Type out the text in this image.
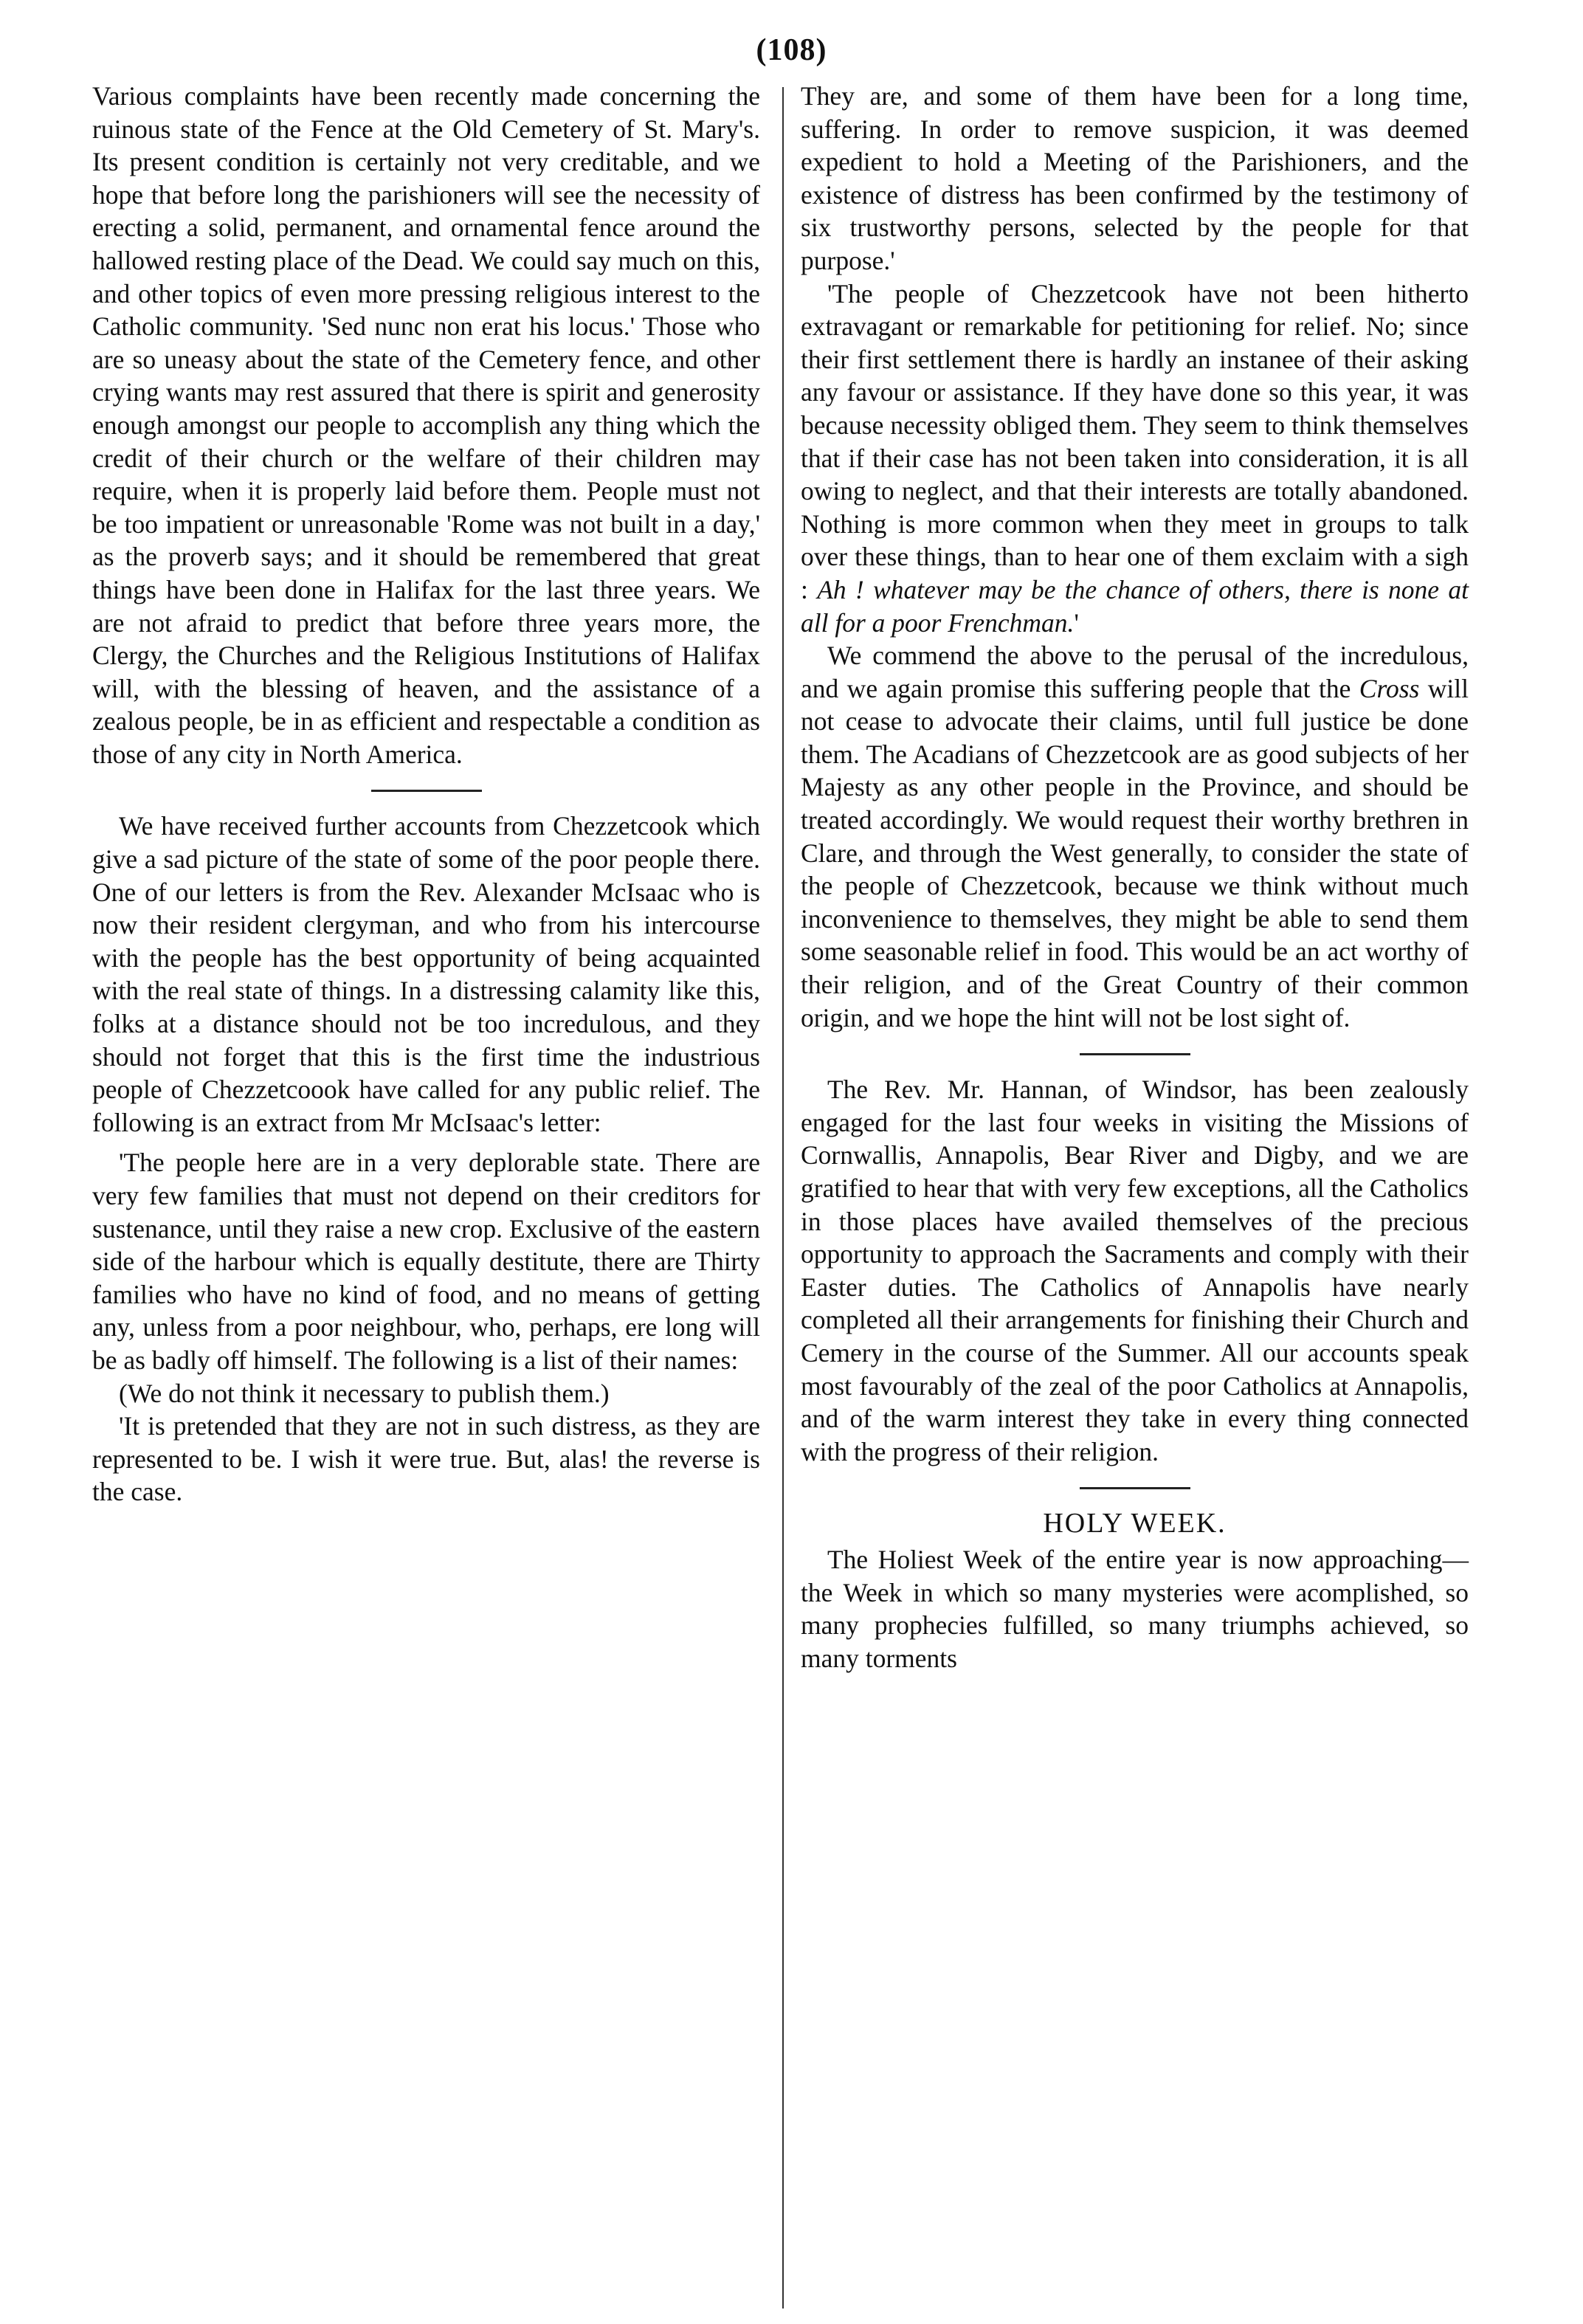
(108)

Various complaints have been recently made concerning the ruinous state of the Fence at the Old Cemetery of St. Mary's. Its present condition is certainly not very creditable, and we hope that before long the parishioners will see the necessity of erecting a solid, permanent, and ornamental fence around the hallowed resting place of the Dead. We could say much on this, and other topics of even more pressing religious interest to the Catholic community. 'Sed nunc non erat his locus.' Those who are so uneasy about the state of the Cemetery fence, and other crying wants may rest assured that there is spirit and generosity enough amongst our people to accomplish any thing which the credit of their church or the welfare of their children may require, when it is properly laid before them. People must not be too impatient or unreasonable 'Rome was not built in a day,' as the proverb says; and it should be remembered that great things have been done in Halifax for the last three years. We are not afraid to predict that before three years more, the Clergy, the Churches and the Religious Institutions of Halifax will, with the blessing of heaven, and the assistance of a zealous people, be in as efficient and respectable a condition as those of any city in North America.

We have received further accounts from Chezzetcook which give a sad picture of the state of some of the poor people there. One of our letters is from the Rev. Alexander McIsaac who is now their resident clergyman, and who from his intercourse with the people has the best opportunity of being acquainted with the real state of things. In a distressing calamity like this, folks at a distance should not be too incredulous, and they should not forget that this is the first time the industrious people of Chezzetcoook have called for any public relief. The following is an extract from Mr McIsaac's letter:

'The people here are in a very deplorable state. There are very few families that must not depend on their creditors for sustenance, until they raise a new crop. Exclusive of the eastern side of the harbour which is equally destitute, there are Thirty families who have no kind of food, and no means of getting any, unless from a poor neighbour, who, perhaps, ere long will be as badly off himself. The following is a list of their names:

(We do not think it necessary to publish them.)

'It is pretended that they are not in such distress, as they are represented to be. I wish it were true. But, alas! the reverse is the case.

They are, and some of them have been for a long time, suffering. In order to remove suspicion, it was deemed expedient to hold a Meeting of the Parishioners, and the existence of distress has been confirmed by the testimony of six trustworthy persons, selected by the people for that purpose.'

'The people of Chezzetcook have not been hitherto extravagant or remarkable for petitioning for relief. No; since their first settlement there is hardly an instanee of their asking any favour or assistance. If they have done so this year, it was because necessity obliged them. They seem to think themselves that if their case has not been taken into consideration, it is all owing to neglect, and that their interests are totally abandoned. Nothing is more common when they meet in groups to talk over these things, than to hear one of them exclaim with a sigh : Ah ! whatever may be the chance of others, there is none at all for a poor Frenchman.'

We commend the above to the perusal of the incredulous, and we again promise this suffering people that the Cross will not cease to advocate their claims, until full justice be done them. The Acadians of Chezzetcook are as good subjects of her Majesty as any other people in the Province, and should be treated accordingly. We would request their worthy brethren in Clare, and through the West generally, to consider the state of the people of Chezzetcook, because we think without much inconvenience to themselves, they might be able to send them some seasonable relief in food. This would be an act worthy of their religion, and of the Great Country of their common origin, and we hope the hint will not be lost sight of.

The Rev. Mr. Hannan, of Windsor, has been zealously engaged for the last four weeks in visiting the Missions of Cornwallis, Annapolis, Bear River and Digby, and we are gratified to hear that with very few exceptions, all the Catholics in those places have availed themselves of the precious opportunity to approach the Sacraments and comply with their Easter duties. The Catholics of Annapolis have nearly completed all their arrangements for finishing their Church and Cemery in the course of the Summer. All our accounts speak most favourably of the zeal of the poor Catholics at Annapolis, and of the warm interest they take in every thing connected with the progress of their religion.

HOLY WEEK.

The Holiest Week of the entire year is now approaching—the Week in which so many mysteries were acomplished, so many prophecies fulfilled, so many triumphs achieved, so many torments
